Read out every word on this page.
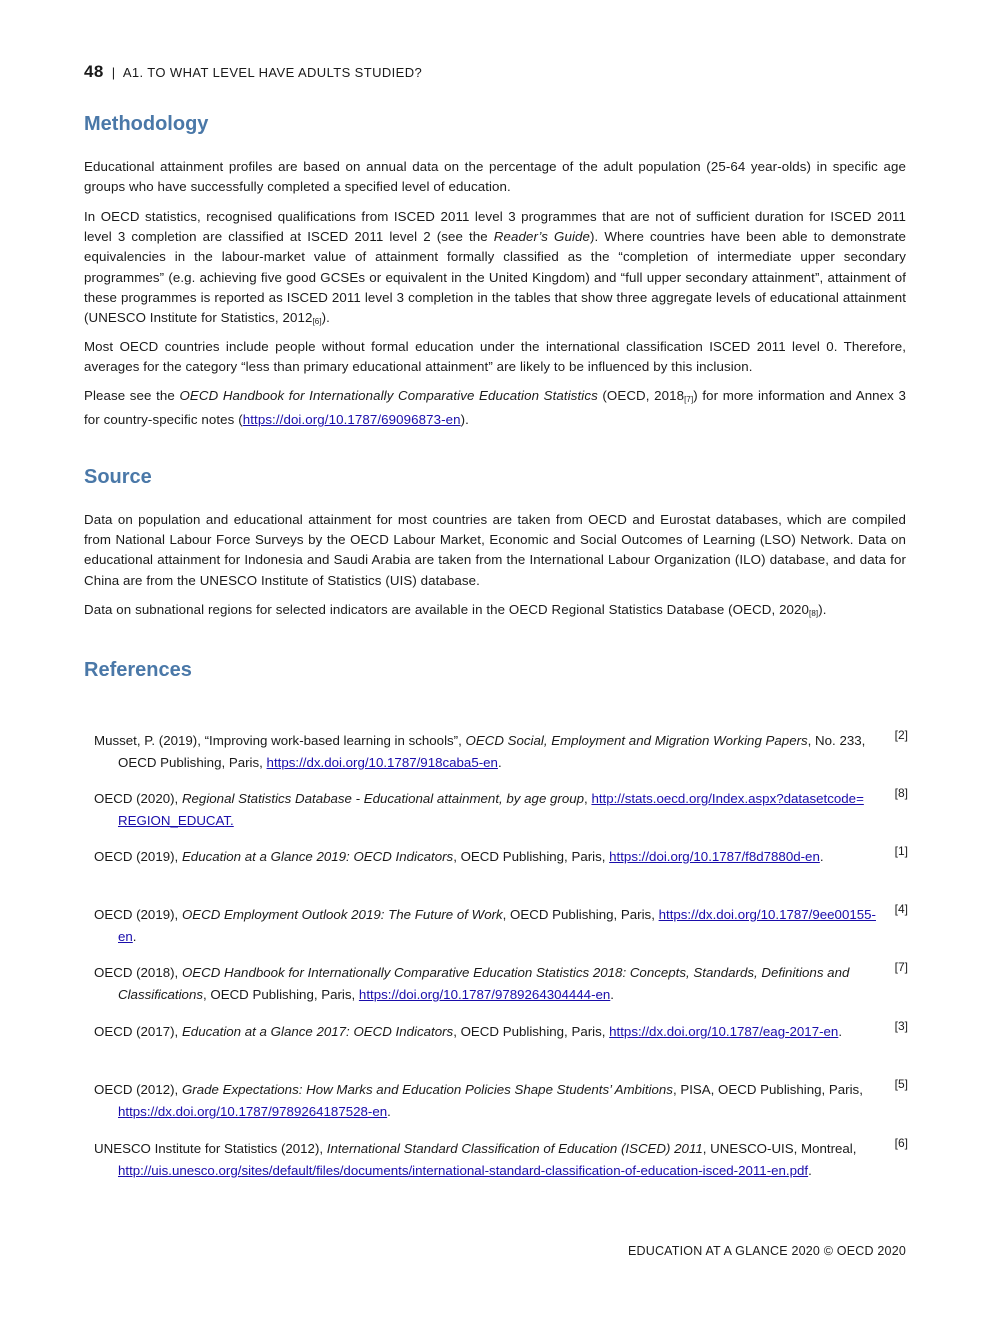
48 | A1. TO WHAT LEVEL HAVE ADULTS STUDIED?
Methodology

Educational attainment profiles are based on annual data on the percentage of the adult population (25-64 year-olds) in specific age groups who have successfully completed a specified level of education.

In OECD statistics, recognised qualifications from ISCED 2011 level 3 programmes that are not of sufficient duration for ISCED 2011 level 3 completion are classified at ISCED 2011 level 2 (see the Reader’s Guide). Where countries have been able to demonstrate equivalencies in the labour-market value of attainment formally classified as the “completion of intermediate upper secondary programmes” (e.g. achieving five good GCSEs or equivalent in the United Kingdom) and “full upper secondary attainment”, attainment of these programmes is reported as ISCED 2011 level 3 completion in the tables that show three aggregate levels of educational attainment (UNESCO Institute for Statistics, $2012_{[6]}$).

Most OECD countries include people without formal education under the international classification ISCED 2011 level 0. Therefore, averages for the category “less than primary educational attainment” are likely to be influenced by this inclusion.

Please see the OECD Handbook for Internationally Comparative Education Statistics (OECD, $2018_{[7]}$) for more information and Annex 3 for country-specific notes (https://doi.org/10.1787/69096873-en).

Source

Data on population and educational attainment for most countries are taken from OECD and Eurostat databases, which are compiled from National Labour Force Surveys by the OECD Labour Market, Economic and Social Outcomes of Learning (LSO) Network. Data on educational attainment for Indonesia and Saudi Arabia are taken from the International Labour Organization (ILO) database, and data for China are from the UNESCO Institute of Statistics (UIS) database.

Data on subnational regions for selected indicators are available in the OECD Regional Statistics Database (OECD, $2020_{[8]}$).

References
Musset, P. (2019), “Improving work-based learning in schools”, OECD Social, Employment and Migration Working Papers, No. 233, OECD Publishing, Paris, https://dx.doi.org/10.1787/918caba5-en.
[2]
OECD (2020), Regional Statistics Database - Educational attainment, by age group, http://stats.oecd.org/Index.aspx?datasetcode= REGION_EDUCAT.
[8]
OECD (2019), Education at a Glance 2019: OECD Indicators, OECD Publishing, Paris, https://doi.org/10.1787/f8d7880d-en.	[1]
OECD (2019), OECD Employment Outlook 2019: The Future of Work, OECD Publishing, Paris, https://dx.doi.org/10.1787/9ee00155-en.
[4]
OECD (2018), OECD Handbook for Internationally Comparative Education Statistics 2018: Concepts, Standards, Definitions and Classifications, OECD Publishing, Paris, https://doi.org/10.1787/9789264304444-en.
[7]
OECD (2017), Education at a Glance 2017: OECD Indicators, OECD Publishing, Paris, https://dx.doi.org/10.1787/eag-2017-en.	[3]
OECD (2012), Grade Expectations: How Marks and Education Policies Shape Students’ Ambitions, PISA, OECD Publishing, Paris, https://dx.doi.org/10.1787/9789264187528-en.
[5]
UNESCO Institute for Statistics (2012), International Standard Classification of Education (ISCED) 2011, UNESCO-UIS, Montreal, http://uis.unesco.org/sites/default/files/documents/international-standard-classification-of-education-isced-2011-en.pdf.
[6]
EDUCATION AT A GLANCE 2020 © OECD 2020
